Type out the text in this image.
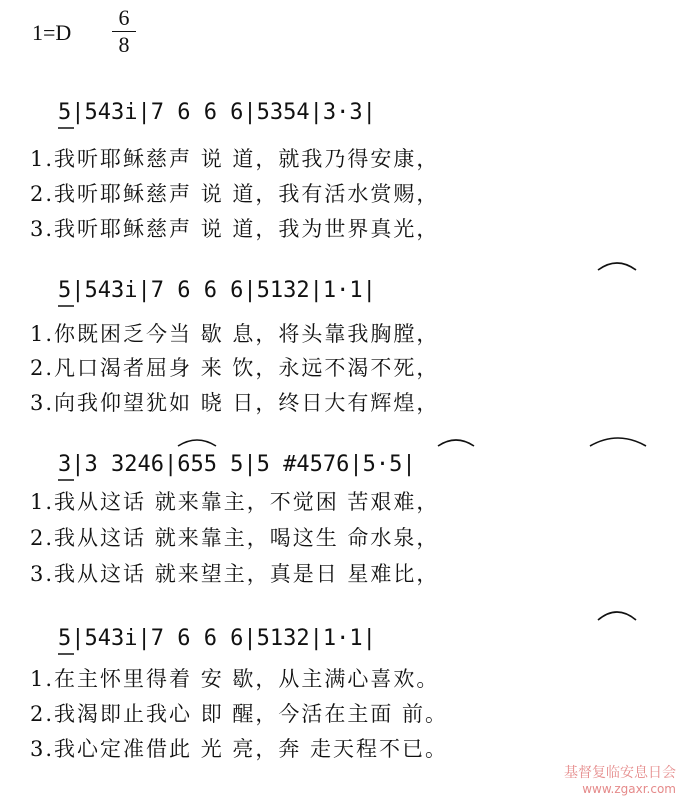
1=D
6
8
5|543i|7 6 6 6|5354|3·3|
1.我听耶稣慈声 说 道，就我乃得安康，
2.我听耶稣慈声 说 道，我有活水赏赐，
3.我听耶稣慈声 说 道，我为世界真光，
5|543i|7 6 6 6|5132|1·1|
1.你既困乏今当 歇 息，将头靠我胸膛，
2.凡口渴者屈身 来 饮，永远不渴不死，
3.向我仰望犹如 晓 日，终日大有辉煌，
3|3 3246|655 5|5 #4576|5·5|
1.我从这话 就来靠主，不觉困 苦艰难，
2.我从这话 就来靠主，喝这生 命水泉，
3.我从这话 就来望主，真是日 星难比，
5|543i|7 6 6 6|5132|1·1|
1.在主怀里得着 安 歇，从主满心喜欢。
2.我渴即止我心 即 醒，今活在主面 前。
3.我心定准借此 光 亮，奔 走天程不已。
基督复临安息日会
www.zgaxr.com
